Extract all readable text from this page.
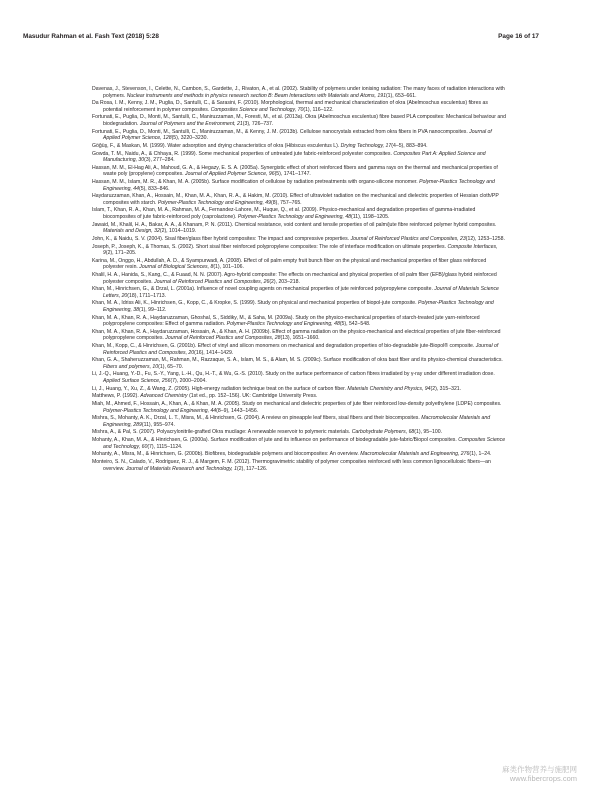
Masudur Rahman et al. Fash Text (2018) 5:28	Page 16 of 17

Davenas, J., Stevenson, I., Celette, N., Cambon, S., Gardette, J., Rivaton, A., et al. (2002). Stability of polymers under ionising radiation: The many faces of radiation interactions with polymers. Nuclear instruments and methods in physics research section B: Beam Interactions with Materials and Atoms, 191(1), 653–661.

Da Rosa, I. M., Kenny, J. M., Puglia, D., Santulli, C., & Sarasini, F. (2010). Morphological, thermal and mechanical characterization of okra (Abelmoschus esculentus) fibres as potential reinforcement in polymer composites. Composites Science and Technology, 70(1), 116–122.

Fortunati, E., Puglia, D., Monti, M., Santulli, C., Maniruzzaman, M., Foresti, M., et al. (2013a). Okra (Abelmoschus esculentus) fibre based PLA composites: Mechanical behaviour and biodegradation. Journal of Polymers and the Environment, 21(3), 726–737.

Fortunati, E., Puglia, D., Monti, M., Santulli, C., Maniruzzaman, M., & Kenny, J. M. (2013b). Cellulose nanocrystals extracted from okra fibers in PVA nanocomposites. Journal of Applied Polymer Science, 128(5), 3220–3230.

Göğüş, F., & Maskan, M. (1999). Water adsorption and drying characteristics of okra (Hibiscus esculentus L). Drying Technology, 17(4–5), 883–894.

Gowda, T. M., Naidu, A., & Chhaya, R. (1999). Some mechanical properties of untreated jute fabric-reinforced polyester composites. Composites Part A: Applied Science and Manufacturing, 30(3), 277–284.

Hassan, M. M., El-Hag Ali, A., Mahoud, G. A., & Hegazy, E. S. A. (2005a). Synergistic effect of short reinforced fibers and gamma rays on the thermal and mechanical properties of waste poly (propylene) composites. Journal of Applied Polymer Science, 96(5), 1741–1747.

Hassan, M. M., Islam, M. R., & Khan, M. A. (2005b). Surface modification of cellulose by radiation pretreatments with organo-silicone monomer. Polymer-Plastics Technology and Engineering, 44(5), 833–846.

Haydaruzzaman, Khan, A., Hossain, M., Khan, M. A., Khan, R. A., & Hakim, M. (2010). Effect of ultraviolet radiation on the mechanical and dielectric properties of Hessian cloth/PP composites with starch. Polymer-Plastics Technology and Engineering, 49(8), 757–765.

Islam, T., Khan, R. A., Khan, M. A., Rahman, M. A., Fernandez-Lahore, M., Huque, Q., et al. (2009). Physico-mechanical and degradation properties of gamma-irradiated biocomposites of jute fabric-reinforced poly (caprolactone). Polymer-Plastics Technology and Engineering, 48(11), 1198–1205.

Jawaid, M., Khalil, H. A., Bakar, A. A., & Khanam, P. N. (2011). Chemical resistance, void content and tensile properties of oil palm/jute fibre reinforced polymer hybrid composites. Materials and Design, 32(2), 1014–1019.

John, K., & Naidu, S. V. (2004). Sisal fiber/glass fiber hybrid composites: The impact and compressive properties. Journal of Reinforced Plastics and Composites, 23(12), 1253–1258.

Joseph, P., Joseph, K., & Thomas, S. (2002). Short sisal fiber reinforced polypropylene composites: The role of interface modification on ultimate properties. Composite Interfaces, 9(2), 171–205.

Karina, M., Onggo, H., Abdullah, A. D., & Syampurwadi, A. (2008). Effect of oil palm empty fruit bunch fiber on the physical and mechanical properties of fiber glass reinforced polyester resin. Journal of Biological Sciences, 8(1), 101–106.

Khalil, H. A., Hanida, S., Kang, C., & Fuaad, N. N. (2007). Agro-hybrid composite: The effects on mechanical and physical properties of oil palm fiber (EFB)/glass hybrid reinforced polyester composites. Journal of Reinforced Plastics and Composites, 26(2), 203–218.

Khan, M., Hinrichsen, G., & Drzal, L. (2001a). Influence of novel coupling agents on mechanical properties of jute reinforced polypropylene composite. Journal of Materials Science Letters, 20(18), 1711–1713.

Khan, M. A., Idriss Ali, K., Hinrichsen, G., Kopp, C., & Kropke, S. (1999). Study on physical and mechanical properties of biopol-jute composite. Polymer-Plastics Technology and Engineering, 38(1), 99–112.

Khan, M. A., Khan, R. A., Haydaruzzaman, Ghoshal, S., Siddiky, M., & Saha, M. (2009a). Study on the physico-mechanical properties of starch-treated jute yarn-reinforced polypropylene composites: Effect of gamma radiation. Polymer-Plastics Technology and Engineering, 48(5), 542–548.

Khan, M. A., Khan, R. A., Haydaruzzaman, Hossain, A., & Khan, A. H. (2009b). Effect of gamma radiation on the physico-mechanical and electrical properties of jute fiber-reinforced polypropylene composites. Journal of Reinforced Plastics and Composites, 28(13), 1651–1660.

Khan, M., Kopp, C., & Hinrichsen, G. (2001b). Effect of vinyl and silicon monomers on mechanical and degradation properties of bio-degradable jute-Biopol® composite. Journal of Reinforced Plastics and Composites, 20(16), 1414–1429.

Khan, G. A., Shaheruzzaman, M., Rahman, M., Razzaque, S. A., Islam, M. S., & Alam, M. S. (2009c). Surface modification of okra bast fiber and its physico-chemical characteristics. Fibers and polymers, 10(1), 65–70.

Li, J.-Q., Huang, Y.-D., Fu, S.-Y., Yang, L.-H., Qu, H.-T., & Wu, G.-S. (2010). Study on the surface performance of carbon fibres irradiated by γ-ray under different irradiation dose. Applied Surface Science, 256(7), 2000–2004.

Li, J., Huang, Y., Xu, Z., & Wang, Z. (2005). High-energy radiation technique treat on the surface of carbon fiber. Materials Chemistry and Physics, 94(2), 315–321.

Matthews, P. (1992). Advanced Chemistry (1st ed., pp. 152–156). UK: Cambridge University Press.

Miah, M., Ahmed, F., Hossain, A., Khan, A., & Khan, M. A. (2005). Study on mechanical and dielectric properties of jute fiber reinforced low-density polyethylene (LDPE) composites. Polymer-Plastics Technology and Engineering, 44(8–9), 1443–1456.

Mishra, S., Mohanty, A. K., Drzal, L. T., Misra, M., & Hinrichsen, G. (2004). A review on pineapple leaf fibers, sisal fibers and their biocomposites. Macromolecular Materials and Engineering, 289(11), 955–974.

Mishra, A., & Pal, S. (2007). Polyacrylonitrile-grafted Okra mucilage: A renewable reservoir to polymeric materials. Carbohydrate Polymers, 68(1), 95–100.

Mohanty, A., Khan, M. A., & Hinrichsen, G. (2000a). Surface modification of jute and its influence on performance of biodegradable jute-fabric/Biopol composites. Composites Science and Technology, 60(7), 1115–1124.

Mohanty, A., Misra, M., & Hinrichsen, G. (2000b). Biofibres, biodegradable polymers and biocomposites: An overview. Macromolecular Materials and Engineering, 276(1), 1–24.

Monteiro, S. N., Calado, V., Rodriguez, R. J., & Margem, F. M. (2012). Thermogravimetric stability of polymer composites reinforced with less common lignocellulosic fibers—an overview. Journal of Materials Research and Technology, 1(2), 117–126.

麻类作物营养与施肥网
www.fibercrops.com
